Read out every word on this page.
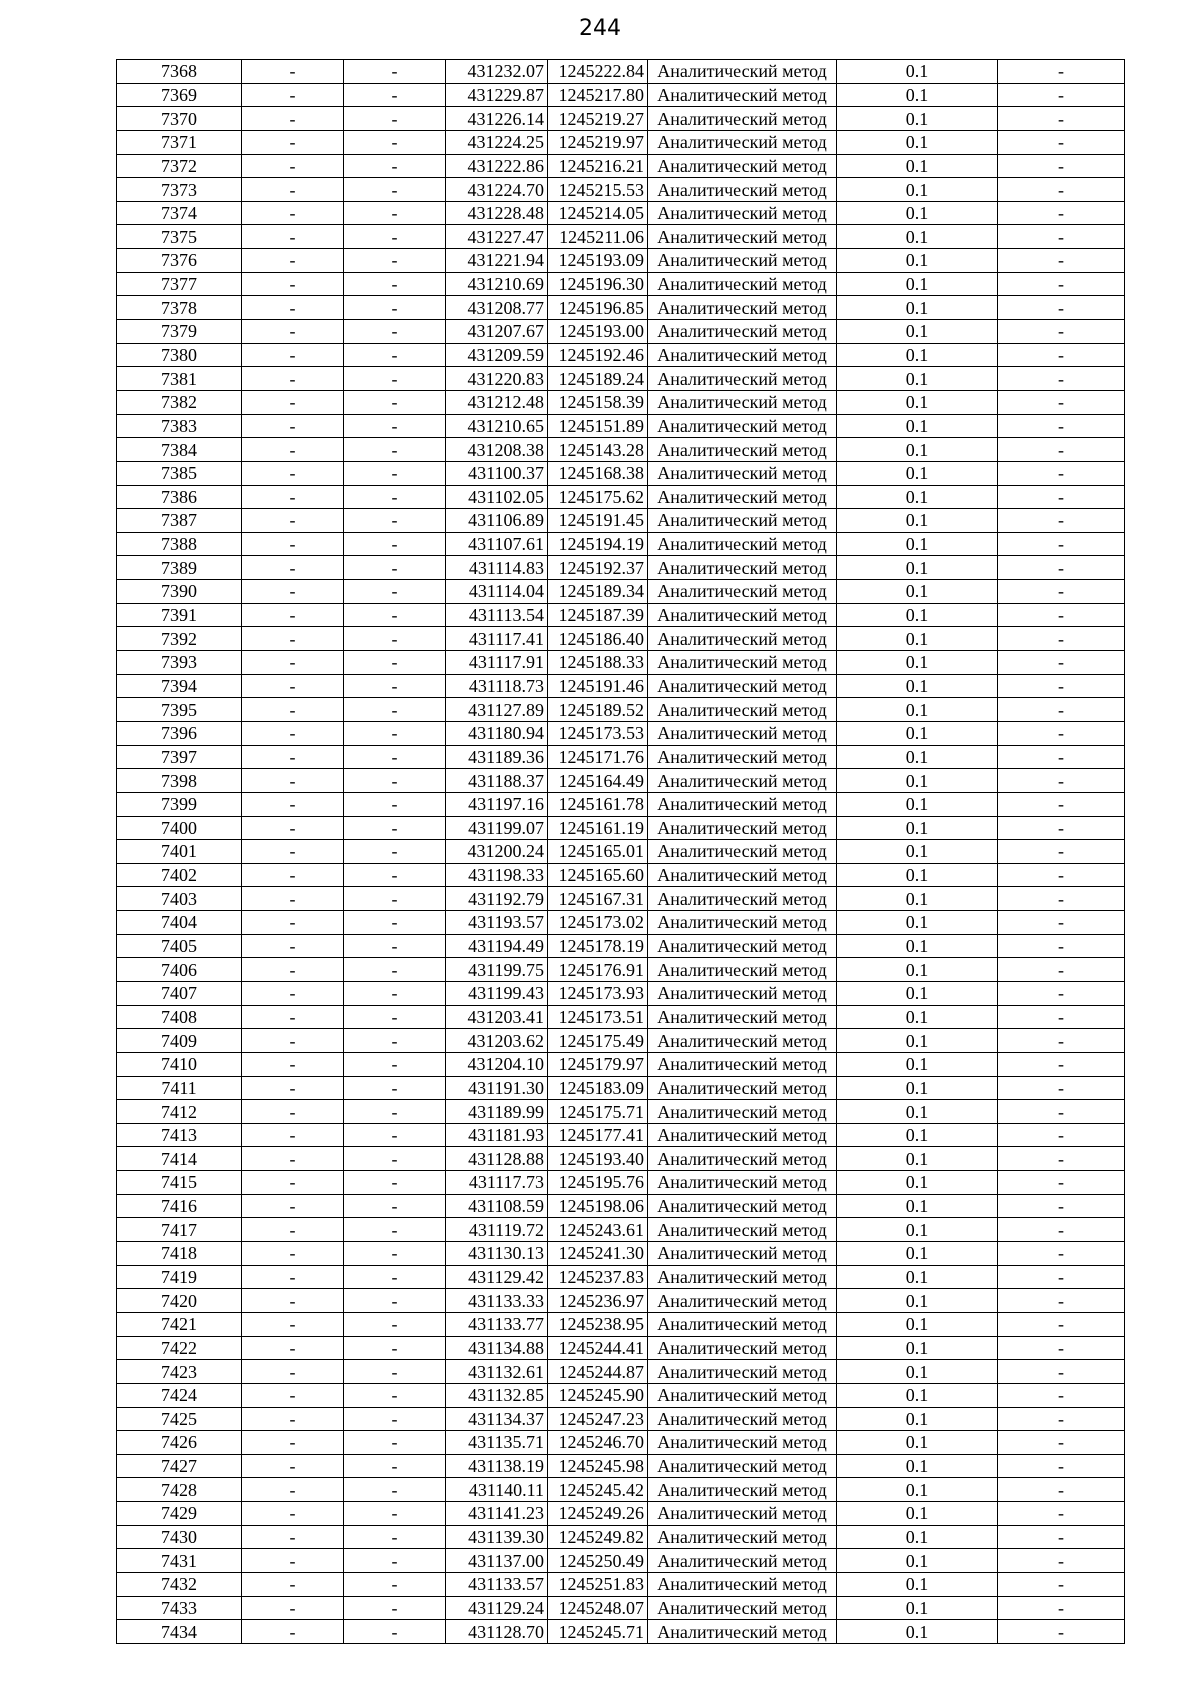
244
7368	-	-	431232.07	1245222.84	Аналитический метод	0.1	-
7369	-	-	431229.87	1245217.80	Аналитический метод	0.1	-
7370	-	-	431226.14	1245219.27	Аналитический метод	0.1	-
7371	-	-	431224.25	1245219.97	Аналитический метод	0.1	-
7372	-	-	431222.86	1245216.21	Аналитический метод	0.1	-
7373	-	-	431224.70	1245215.53	Аналитический метод	0.1	-
7374	-	-	431228.48	1245214.05	Аналитический метод	0.1	-
7375	-	-	431227.47	1245211.06	Аналитический метод	0.1	-
7376	-	-	431221.94	1245193.09	Аналитический метод	0.1	-
7377	-	-	431210.69	1245196.30	Аналитический метод	0.1	-
7378	-	-	431208.77	1245196.85	Аналитический метод	0.1	-
7379	-	-	431207.67	1245193.00	Аналитический метод	0.1	-
7380	-	-	431209.59	1245192.46	Аналитический метод	0.1	-
7381	-	-	431220.83	1245189.24	Аналитический метод	0.1	-
7382	-	-	431212.48	1245158.39	Аналитический метод	0.1	-
7383	-	-	431210.65	1245151.89	Аналитический метод	0.1	-
7384	-	-	431208.38	1245143.28	Аналитический метод	0.1	-
7385	-	-	431100.37	1245168.38	Аналитический метод	0.1	-
7386	-	-	431102.05	1245175.62	Аналитический метод	0.1	-
7387	-	-	431106.89	1245191.45	Аналитический метод	0.1	-
7388	-	-	431107.61	1245194.19	Аналитический метод	0.1	-
7389	-	-	431114.83	1245192.37	Аналитический метод	0.1	-
7390	-	-	431114.04	1245189.34	Аналитический метод	0.1	-
7391	-	-	431113.54	1245187.39	Аналитический метод	0.1	-
7392	-	-	431117.41	1245186.40	Аналитический метод	0.1	-
7393	-	-	431117.91	1245188.33	Аналитический метод	0.1	-
7394	-	-	431118.73	1245191.46	Аналитический метод	0.1	-
7395	-	-	431127.89	1245189.52	Аналитический метод	0.1	-
7396	-	-	431180.94	1245173.53	Аналитический метод	0.1	-
7397	-	-	431189.36	1245171.76	Аналитический метод	0.1	-
7398	-	-	431188.37	1245164.49	Аналитический метод	0.1	-
7399	-	-	431197.16	1245161.78	Аналитический метод	0.1	-
7400	-	-	431199.07	1245161.19	Аналитический метод	0.1	-
7401	-	-	431200.24	1245165.01	Аналитический метод	0.1	-
7402	-	-	431198.33	1245165.60	Аналитический метод	0.1	-
7403	-	-	431192.79	1245167.31	Аналитический метод	0.1	-
7404	-	-	431193.57	1245173.02	Аналитический метод	0.1	-
7405	-	-	431194.49	1245178.19	Аналитический метод	0.1	-
7406	-	-	431199.75	1245176.91	Аналитический метод	0.1	-
7407	-	-	431199.43	1245173.93	Аналитический метод	0.1	-
7408	-	-	431203.41	1245173.51	Аналитический метод	0.1	-
7409	-	-	431203.62	1245175.49	Аналитический метод	0.1	-
7410	-	-	431204.10	1245179.97	Аналитический метод	0.1	-
7411	-	-	431191.30	1245183.09	Аналитический метод	0.1	-
7412	-	-	431189.99	1245175.71	Аналитический метод	0.1	-
7413	-	-	431181.93	1245177.41	Аналитический метод	0.1	-
7414	-	-	431128.88	1245193.40	Аналитический метод	0.1	-
7415	-	-	431117.73	1245195.76	Аналитический метод	0.1	-
7416	-	-	431108.59	1245198.06	Аналитический метод	0.1	-
7417	-	-	431119.72	1245243.61	Аналитический метод	0.1	-
7418	-	-	431130.13	1245241.30	Аналитический метод	0.1	-
7419	-	-	431129.42	1245237.83	Аналитический метод	0.1	-
7420	-	-	431133.33	1245236.97	Аналитический метод	0.1	-
7421	-	-	431133.77	1245238.95	Аналитический метод	0.1	-
7422	-	-	431134.88	1245244.41	Аналитический метод	0.1	-
7423	-	-	431132.61	1245244.87	Аналитический метод	0.1	-
7424	-	-	431132.85	1245245.90	Аналитический метод	0.1	-
7425	-	-	431134.37	1245247.23	Аналитический метод	0.1	-
7426	-	-	431135.71	1245246.70	Аналитический метод	0.1	-
7427	-	-	431138.19	1245245.98	Аналитический метод	0.1	-
7428	-	-	431140.11	1245245.42	Аналитический метод	0.1	-
7429	-	-	431141.23	1245249.26	Аналитический метод	0.1	-
7430	-	-	431139.30	1245249.82	Аналитический метод	0.1	-
7431	-	-	431137.00	1245250.49	Аналитический метод	0.1	-
7432	-	-	431133.57	1245251.83	Аналитический метод	0.1	-
7433	-	-	431129.24	1245248.07	Аналитический метод	0.1	-
7434	-	-	431128.70	1245245.71	Аналитический метод	0.1	-
